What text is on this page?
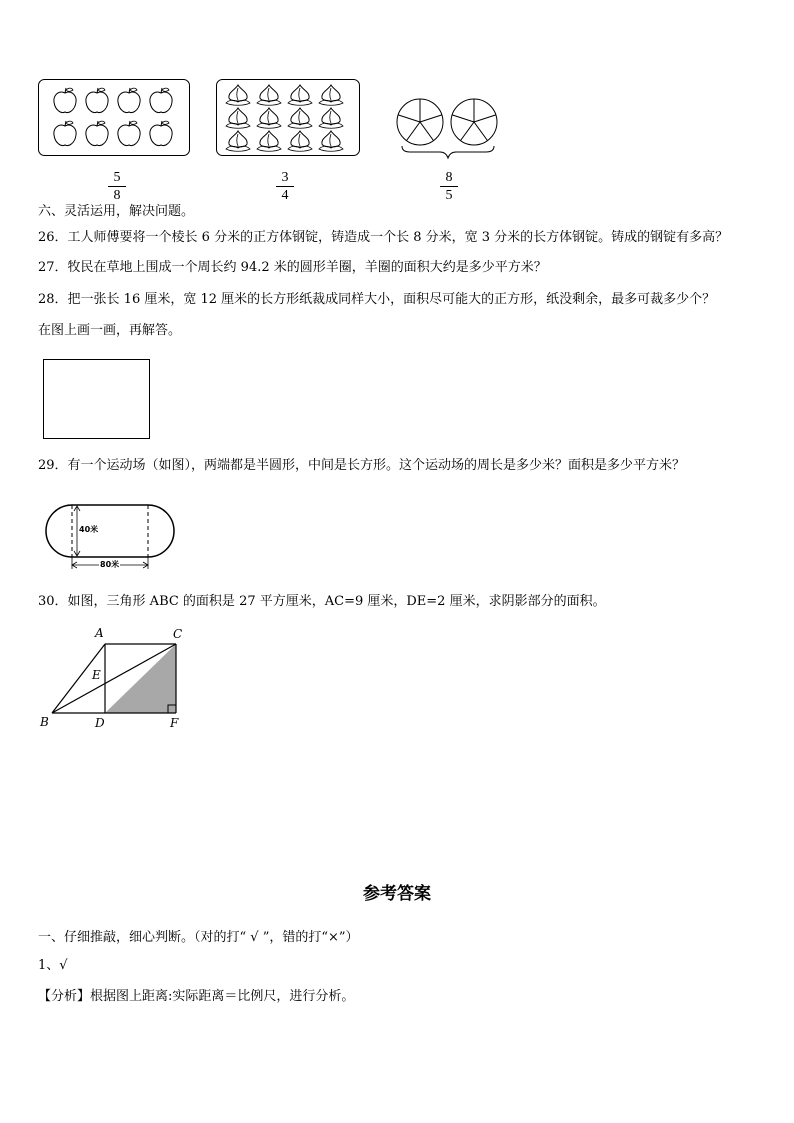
5
8
3
4
8
5
六、灵活运用，解决问题。
26．工人师傅要将一个棱长 6 分米的正方体钢锭，铸造成一个长 8 分米，宽 3 分米的长方体钢锭。铸成的钢锭有多高？
27．牧民在草地上围成一个周长约 94.2 米的圆形羊圈，羊圈的面积大约是多少平方米？
28．把一张长 16 厘米，宽 12 厘米的长方形纸裁成同样大小，面积尽可能大的正方形，纸没剩余，最多可裁多少个？
在图上画一画，再解答。
29．有一个运动场（如图），两端都是半圆形，中间是长方形。这个运动场的周长是多少米？面积是多少平方米？
40米
80米
30．如图，三角形 ABC 的面积是 27 平方厘米，AC=9 厘米，DE=2 厘米，求阴影部分的面积。
A	C
E
B	D	F
参考答案
一、仔细推敲，细心判断。（对的打“ √ ”，错的打“×”）
1、√
【分析】根据图上距离:实际距离＝比例尺，进行分析。
